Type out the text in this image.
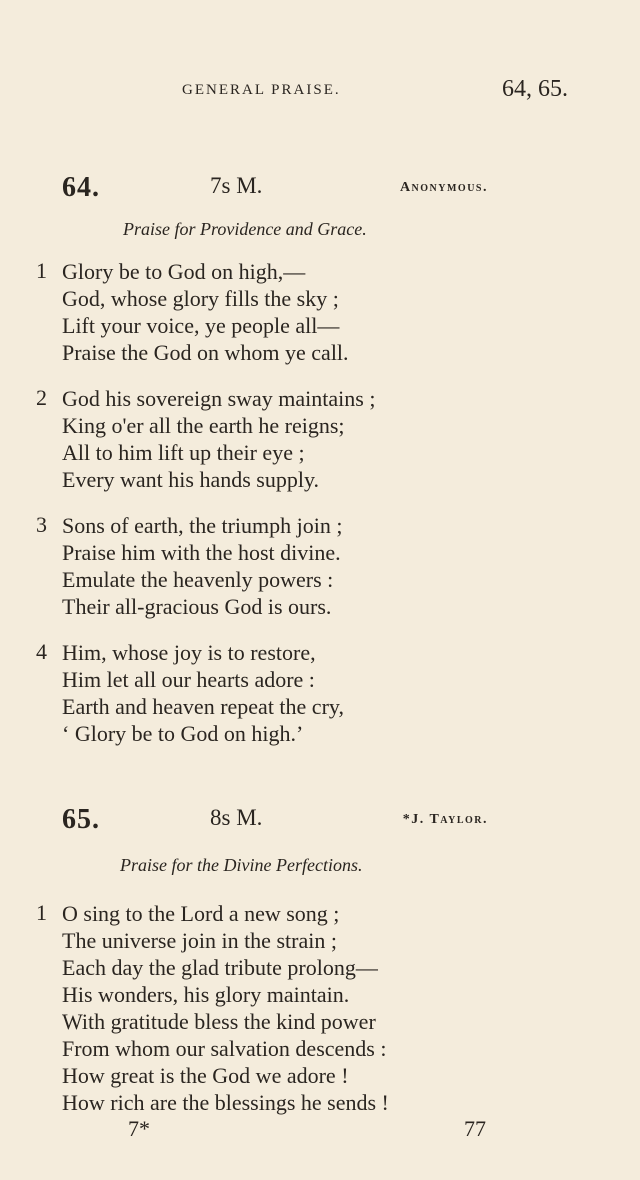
GENERAL PRAISE.	64, 65.
64.	7s M.	Anonymous.
Praise for Providence and Grace.
1 Glory be to God on high,—
God, whose glory fills the sky ;
Lift your voice, ye people all—
Praise the God on whom ye call.
2 God his sovereign sway maintains ;
King o'er all the earth he reigns;
All to him lift up their eye ;
Every want his hands supply.
3 Sons of earth, the triumph join ;
Praise him with the host divine.
Emulate the heavenly powers :
Their all-gracious God is ours.
4 Him, whose joy is to restore,
Him let all our hearts adore :
Earth and heaven repeat the cry,
‘ Glory be to God on high.’
65.	8s M.	*J. Taylor.
Praise for the Divine Perfections.
1 O sing to the Lord a new song ;
The universe join in the strain ;
Each day the glad tribute prolong—
His wonders, his glory maintain.
With gratitude bless the kind power
From whom our salvation descends :
How great is the God we adore !
How rich are the blessings he sends !
7*	77
